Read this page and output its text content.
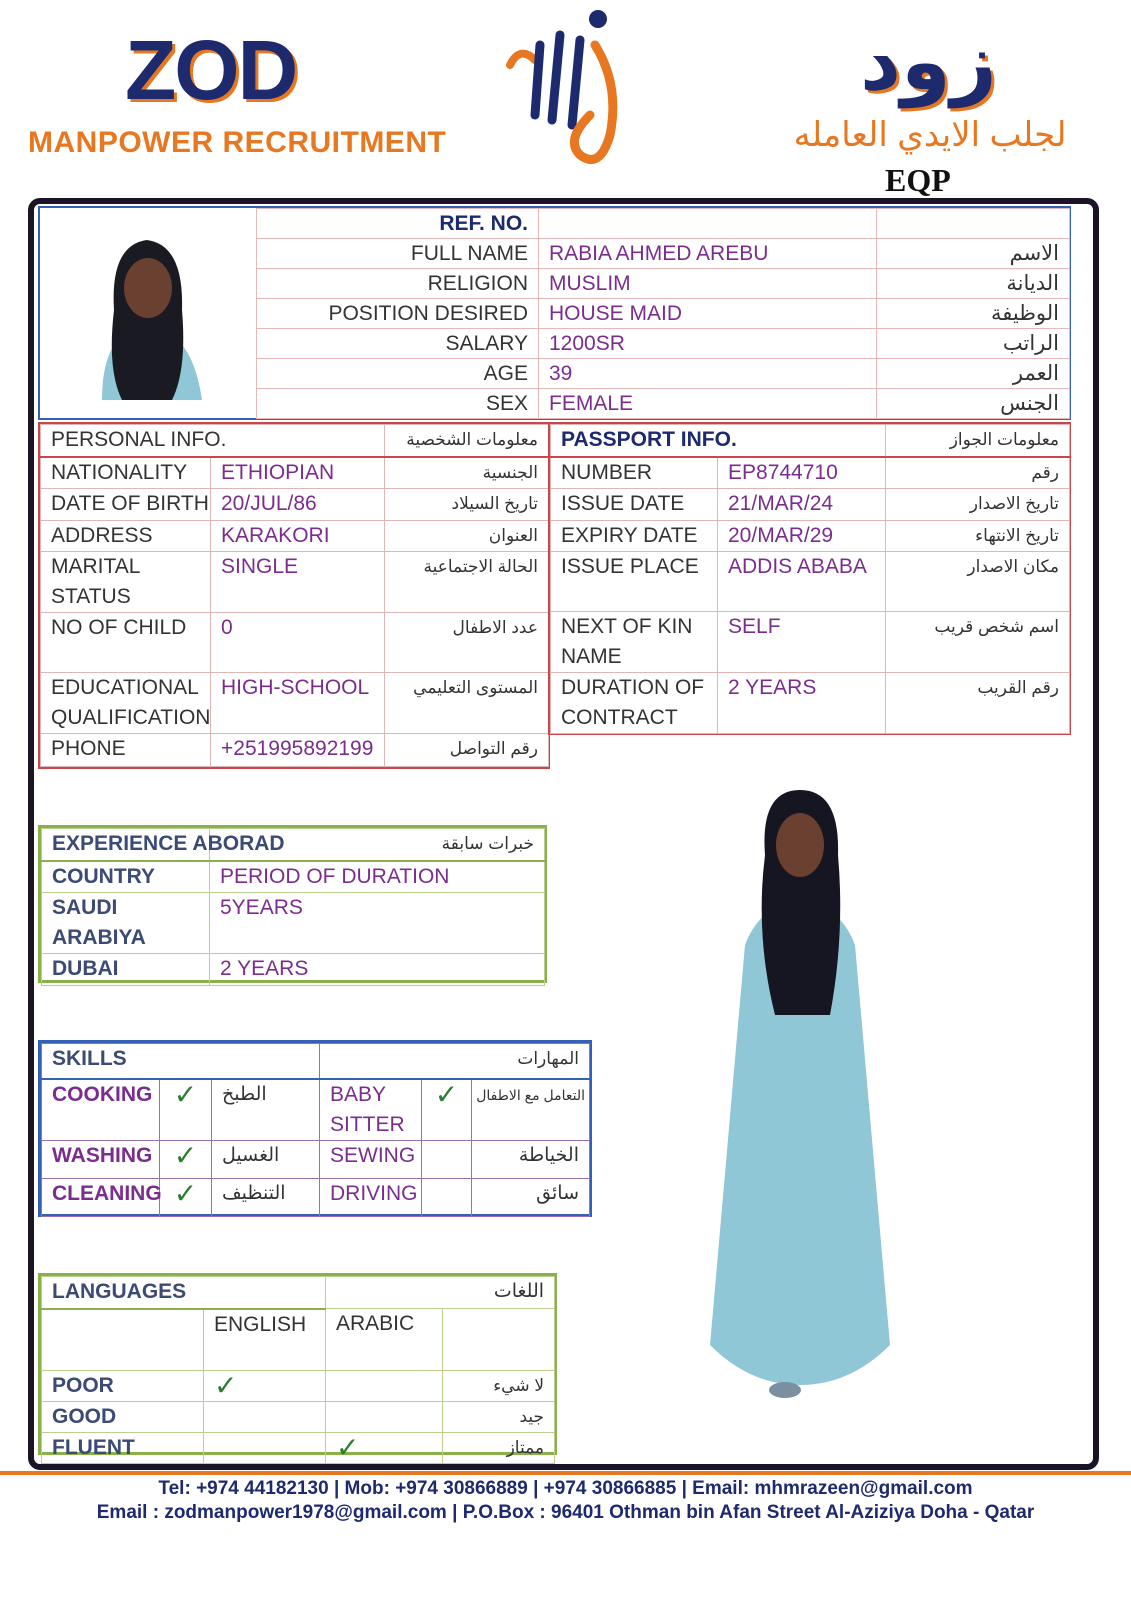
ZOD
MANPOWER RECRUITMENT
زود
لجلب الايدي العامله
EQP
REF. NO.		
FULL NAME	RABIA AHMED AREBU	الاسم
RELIGION	MUSLIM	الديانة
POSITION DESIRED	HOUSE MAID	الوظيفة
SALARY	1200SR	الراتب
AGE	39	العمر
SEX	FEMALE	الجنس
PERSONAL INFO.		معلومات الشخصية
NATIONALITY	ETHIOPIAN	الجنسية
DATE OF BIRTH	20/JUL/86	تاريخ السيلاد
ADDRESS	KARAKORI	العنوان
MARITAL STATUS	SINGLE	الحالة الاجتماعية
NO OF CHILD	0	عدد الاطفال
EDUCATIONAL QUALIFICATION	HIGH-SCHOOL	المستوى التعليمي
PHONE	+251995892199	رقم التواصل
PASSPORT INFO.		معلومات الجواز
NUMBER	EP8744710	رقم
ISSUE DATE	21/MAR/24	تاريخ الاصدار
EXPIRY DATE	20/MAR/29	تاريخ الانتهاء
ISSUE PLACE	ADDIS ABABA	مكان الاصدار
NEXT OF KIN NAME	SELF	اسم شخص قريب
DURATION OF CONTRACT	2 YEARS	رقم القريب
EXPERIENCE ABORAD	خبرات سابقة
COUNTRY	PERIOD OF DURATION
SAUDI ARABIYA	5YEARS
DUBAI	2 YEARS
SKILLS			المهارات		
COOKING	✓	الطبخ	BABY SITTER	✓	التعامل مع الاطفال
WASHING	✓	الغسيل	SEWING		الخياطة
CLEANING	✓	التنظيف	DRIVING		سائق
LANGUAGES		اللغات	
	ENGLISH	ARABIC	
POOR	✓		لا شيء
GOOD			جيد
FLUENT		✓	ممتاز
Tel: +974 44182130 | Mob: +974 30866889 | +974 30866885 | Email: mhmrazeen@gmail.com
Email : zodmanpower1978@gmail.com | P.O.Box : 96401 Othman bin Afan Street Al-Aziziya Doha - Qatar
